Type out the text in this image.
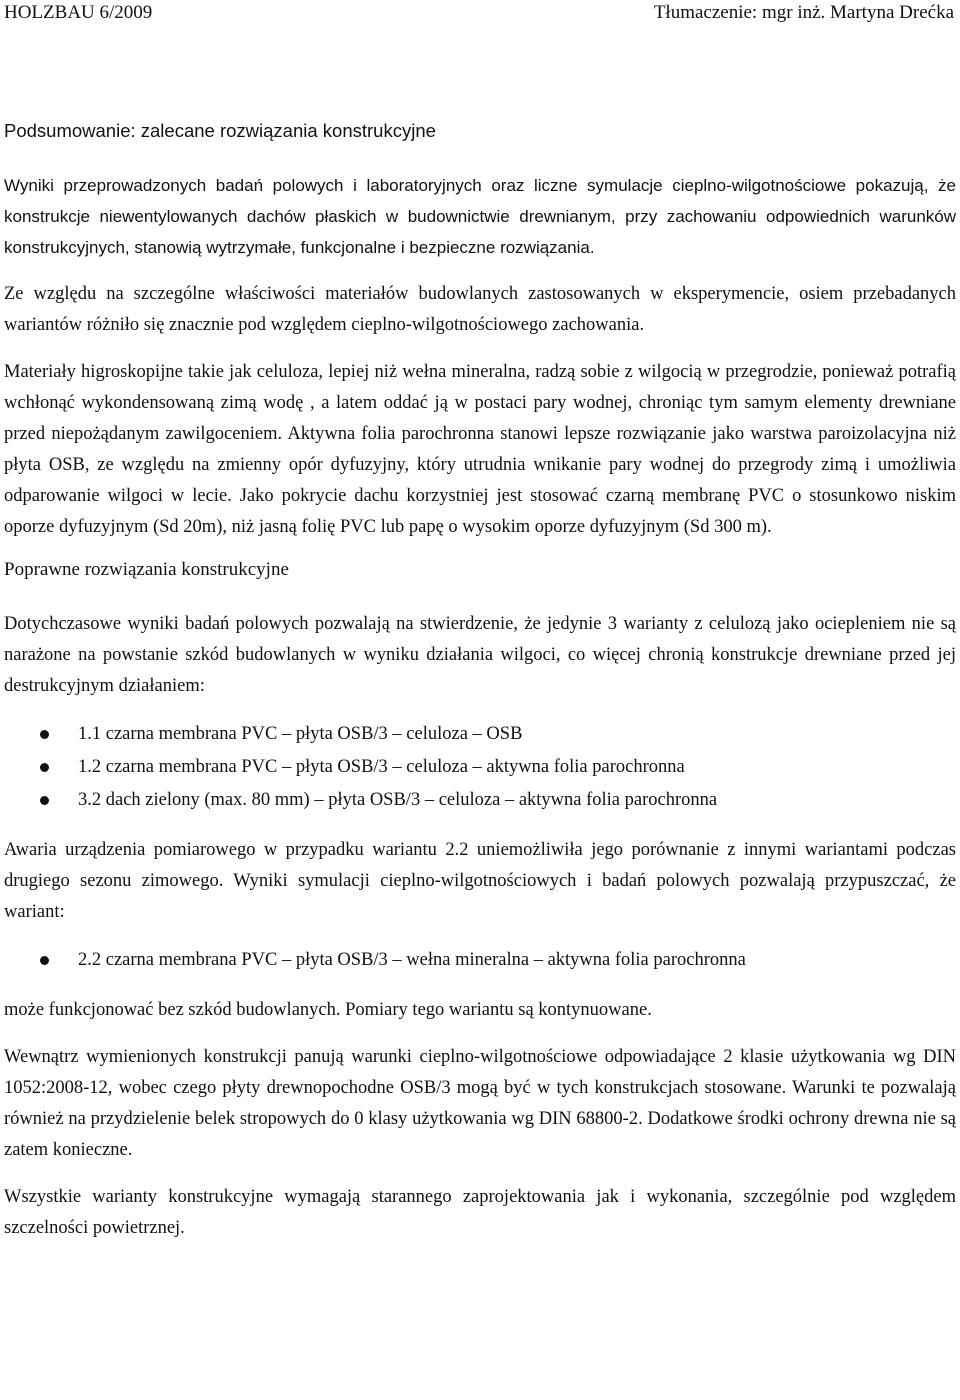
HOLZBAU 6/2009	Tłumaczenie: mgr inż. Martyna Drećka
Podsumowanie: zalecane rozwiązania konstrukcyjne

Wyniki przeprowadzonych badań polowych i laboratoryjnych oraz liczne symulacje cieplno-wilgotnościowe pokazują, że konstrukcje niewentylowanych dachów płaskich w budownictwie drewnianym, przy zachowaniu odpowiednich warunków konstrukcyjnych, stanowią wytrzymałe, funkcjonalne i bezpieczne rozwiązania.

Ze względu na szczególne właściwości materiałów budowlanych zastosowanych w eksperymencie, osiem przebadanych wariantów różniło się znacznie pod względem cieplno-wilgotnościowego zachowania.

Materiały higroskopijne takie jak celuloza, lepiej niż wełna mineralna, radzą sobie z wilgocią w przegrodzie, ponieważ potrafią wchłonąć wykondensowaną zimą wodę , a latem oddać ją w postaci pary wodnej, chroniąc tym samym elementy drewniane przed niepożądanym zawilgoceniem. Aktywna folia parochronna stanowi lepsze rozwiązanie jako warstwa paroizolacyjna niż płyta OSB, ze względu na zmienny opór dyfuzyjny, który utrudnia wnikanie pary wodnej do przegrody zimą i umożliwia odparowanie wilgoci w lecie. Jako pokrycie dachu korzystniej jest stosować czarną membranę PVC o stosunkowo niskim oporze dyfuzyjnym (Sd 20m), niż jasną folię PVC lub papę o wysokim oporze dyfuzyjnym (Sd 300 m).

Poprawne rozwiązania konstrukcyjne

Dotychczasowe wyniki badań polowych pozwalają na stwierdzenie, że jedynie 3 warianty z celulozą jako ociepleniem nie są narażone na powstanie szkód budowlanych w wyniku działania wilgoci, co więcej chronią konstrukcje drewniane przed jej destrukcyjnym działaniem:

1.1 czarna membrana PVC – płyta OSB/3 – celuloza – OSB
1.2 czarna membrana PVC – płyta OSB/3 – celuloza – aktywna folia parochronna
3.2 dach zielony (max. 80 mm) – płyta OSB/3 – celuloza – aktywna folia parochronna

Awaria urządzenia pomiarowego w przypadku wariantu 2.2 uniemożliwiła jego porównanie z innymi wariantami podczas drugiego sezonu zimowego. Wyniki symulacji cieplno-wilgotnościowych i badań polowych pozwalają przypuszczać, że wariant:

2.2 czarna membrana PVC – płyta OSB/3 – wełna mineralna – aktywna folia parochronna

może funkcjonować bez szkód budowlanych. Pomiary tego wariantu są kontynuowane.

Wewnątrz wymienionych konstrukcji panują warunki cieplno-wilgotnościowe odpowiadające 2 klasie użytkowania wg DIN 1052:2008-12, wobec czego płyty drewnopochodne OSB/3 mogą być w tych konstrukcjach stosowane. Warunki te pozwalają również na przydzielenie belek stropowych do 0 klasy użytkowania wg DIN 68800-2. Dodatkowe środki ochrony drewna nie są zatem konieczne.

Wszystkie warianty konstrukcyjne wymagają starannego zaprojektowania jak i wykonania, szczególnie pod względem szczelności powietrznej.
